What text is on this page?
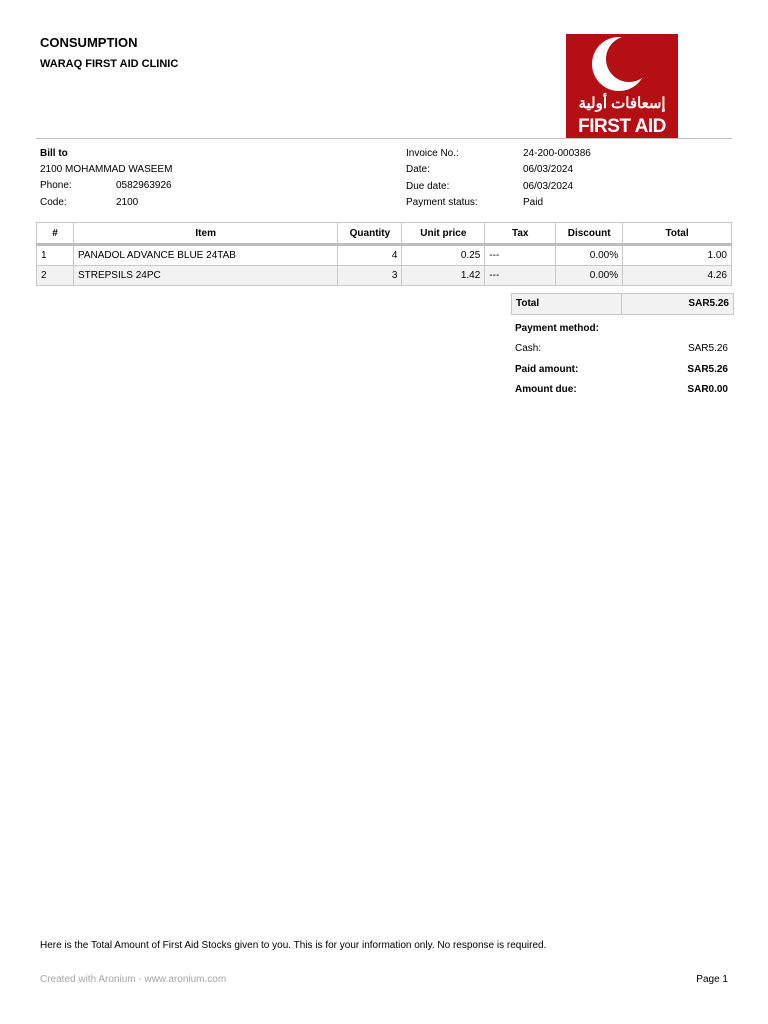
CONSUMPTION
WARAQ FIRST AID CLINIC
إسعافات أولية
FIRST AID
Bill to
2100 MOHAMMAD WASEEM
Phone:	0582963926
Code:	2100
Invoice No.:	24-200-000386
Date:	06/03/2024
Due date:	06/03/2024
Payment status:	Paid
#	Item	Quantity	Unit price	Tax	Discount	Total
1	PANADOL ADVANCE BLUE 24TAB	4	0.25	---	0.00%	1.00
2	STREPSILS 24PC	3	1.42	---	0.00%	4.26
Total	SAR5.26
Payment method:
Cash:	SAR5.26
Paid amount:	SAR5.26
Amount due:	SAR0.00
Here is the Total Amount of First Aid Stocks given to you. This is for your information only. No response is required.
Created with Aronium - www.aronium.com	Page 1
